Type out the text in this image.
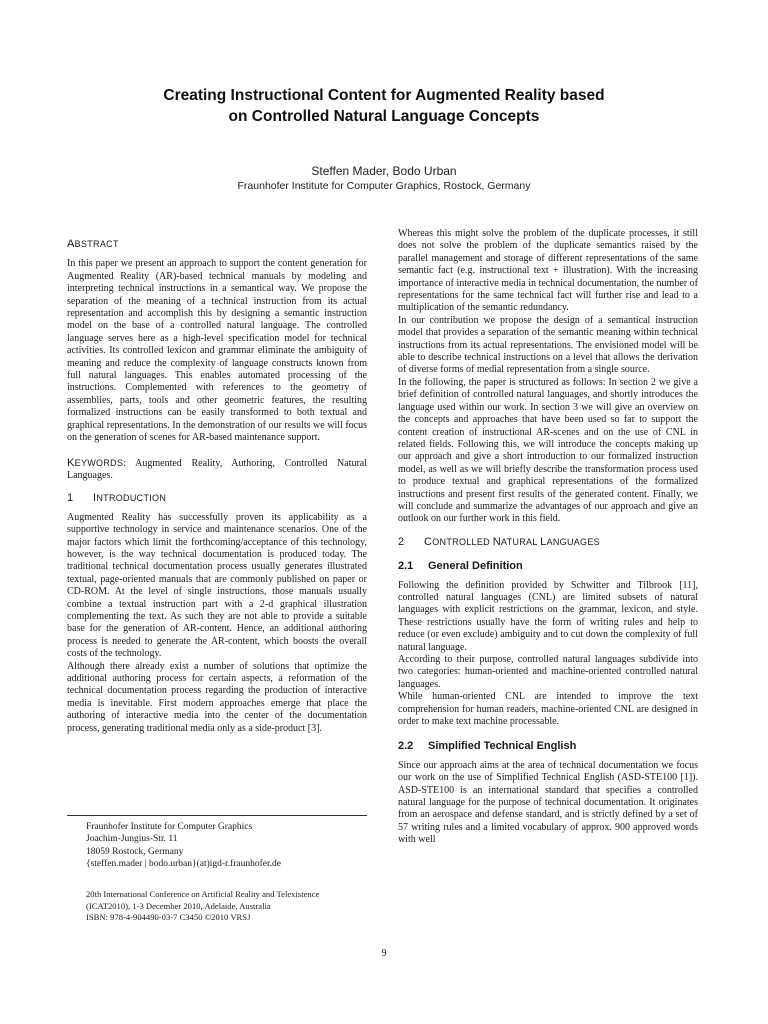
Creating Instructional Content for Augmented Reality based
on Controlled Natural Language Concepts
Steffen Mader, Bodo Urban
Fraunhofer Institute for Computer Graphics, Rostock, Germany
ABSTRACT

In this paper we present an approach to support the content generation for Augmented Reality (AR)-based technical manuals by modeling and interpreting technical instructions in a semantical way. We propose the separation of the meaning of a technical instruction from its actual representation and accomplish this by designing a semantic instruction model on the base of a controlled natural language. The controlled language serves here as a high-level specification model for technical activities. Its controlled lexicon and grammar eliminate the ambiguity of meaning and reduce the complexity of language constructs known from full natural languages. This enables automated processing of the instructions. Complemented with references to the geometry of assemblies, parts, tools and other geometric features, the resulting formalized instructions can be easily transformed to both textual and graphical representations. In the demonstration of our results we will focus on the generation of scenes for AR-based maintenance support.

KEYWORDS: Augmented Reality, Authoring, Controlled Natural Languages.

1 INTRODUCTION

Augmented Reality has successfully proven its applicability as a supportive technology in service and maintenance scenarios. One of the major factors which limit the forthcoming/acceptance of this technology, however, is the way technical documentation is produced today. The traditional technical documentation process usually generates illustrated textual, page-oriented manuals that are commonly published on paper or CD-ROM. At the level of single instructions, those manuals usually combine a textual instruction part with a 2-d graphical illustration complementing the text. As such they are not able to provide a suitable base for the generation of AR-content. Hence, an additional authoring process is needed to generate the AR-content, which boosts the overall costs of the technology.

Although there already exist a number of solutions that optimize the additional authoring process for certain aspects, a reformation of the technical documentation process regarding the production of interactive media is inevitable. First modern approaches emerge that place the authoring of interactive media into the center of the documentation process, generating traditional media only as a side-product [3].

Fraunhofer Institute for Computer Graphics
Joachim-Jungius-Str. 11
18059 Rostock, Germany
{steffen.mader | bodo.urban}(at)igd-r.fraunhofer.de
20th International Conference on Artificial Reality and Telexistence
(ICAT2010), 1-3 December 2010, Adelaide, Australia
ISBN: 978-4-904490-03-7 C3450 ©2010 VRSJ

Whereas this might solve the problem of the duplicate processes, it still does not solve the problem of the duplicate semantics raised by the parallel management and storage of different representations of the same semantic fact (e.g. instructional text + illustration). With the increasing importance of interactive media in technical documentation, the number of representations for the same technical fact will further rise and lead to a multiplication of the semantic redundancy.

In our contribution we propose the design of a semantical instruction model that provides a separation of the semantic meaning within technical instructions from its actual representations. The envisioned model will be able to describe technical instructions on a level that allows the derivation of diverse forms of medial representation from a single source.

In the following, the paper is structured as follows: In section 2 we give a brief definition of controlled natural languages, and shortly introduces the language used within our work. In section 3 we will give an overview on the concepts and approaches that have been used so far to support the content creation of instructional AR-scenes and on the use of CNL in related fields. Following this, we will introduce the concepts making up our approach and give a short introduction to our formalized instruction model, as well as we will briefly describe the transformation process used to produce textual and graphical representations of the formalized instructions and present first results of the generated content. Finally, we will conclude and summarize the advantages of our approach and give an outlook on our further work in this field.

2 CONTROLLED NATURAL LANGUAGES
2.1 General Definition

Following the definition provided by Schwitter and Tilbrook [11], controlled natural languages (CNL) are limited subsets of natural languages with explicit restrictions on the grammar, lexicon, and style. These restrictions usually have the form of writing rules and help to reduce (or even exclude) ambiguity and to cut down the complexity of full natural language.

According to their purpose, controlled natural languages subdivide into two categories: human-oriented and machine-oriented controlled natural languages.

While human-oriented CNL are intended to improve the text comprehension for human readers, machine-oriented CNL are designed in order to make text machine processable.

2.2 Simplified Technical English

Since our approach aims at the area of technical documentation we focus our work on the use of Simplified Technical English (ASD-STE100 [1]). ASD-STE100 is an international standard that specifies a controlled natural language for the purpose of technical documentation. It originates from an aerospace and defense standard, and is strictly defined by a set of 57 writing rules and a limited vocabulary of approx. 900 approved words with well

9
